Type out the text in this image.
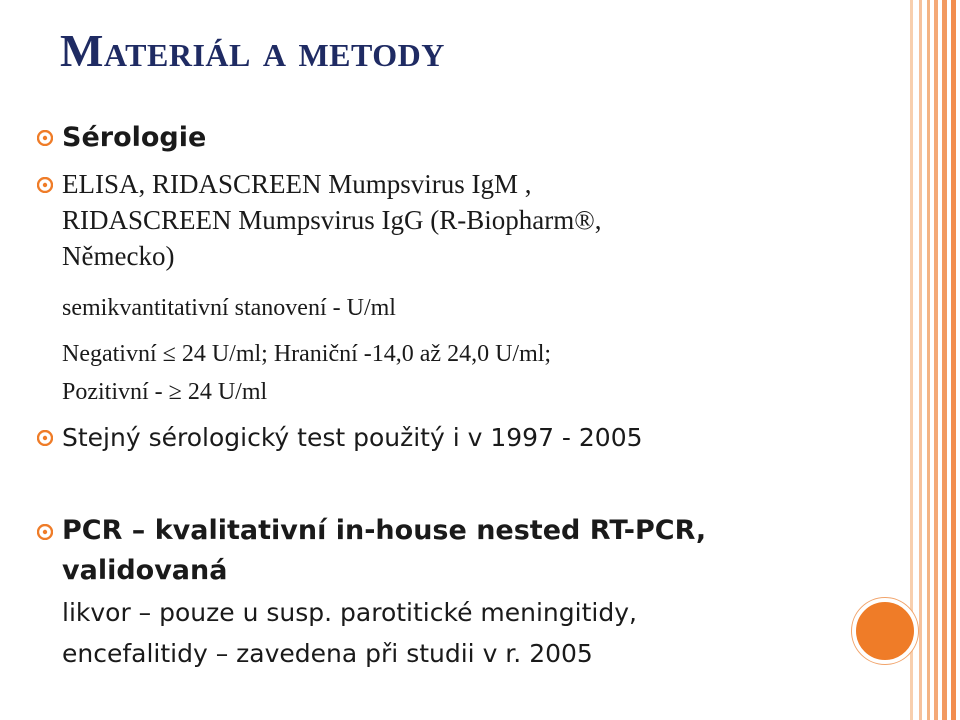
Materiál a metody
Sérologie
ELISA, RIDASCREEN Mumpsvirus IgM ,
RIDASCREEN Mumpsvirus IgG (R-Biopharm®,
Německo)
semikvantitativní stanovení - U/ml
Negativní ≤ 24 U/ml; Hraniční -14,0 až 24,0 U/ml;
Pozitivní - ≥ 24 U/ml
Stejný sérologický test použitý i v 1997 - 2005
PCR – kvalitativní in-house nested RT-PCR,
validovaná
likvor – pouze u susp. parotitické meningitidy,
encefalitidy – zavedena při studii v r. 2005
